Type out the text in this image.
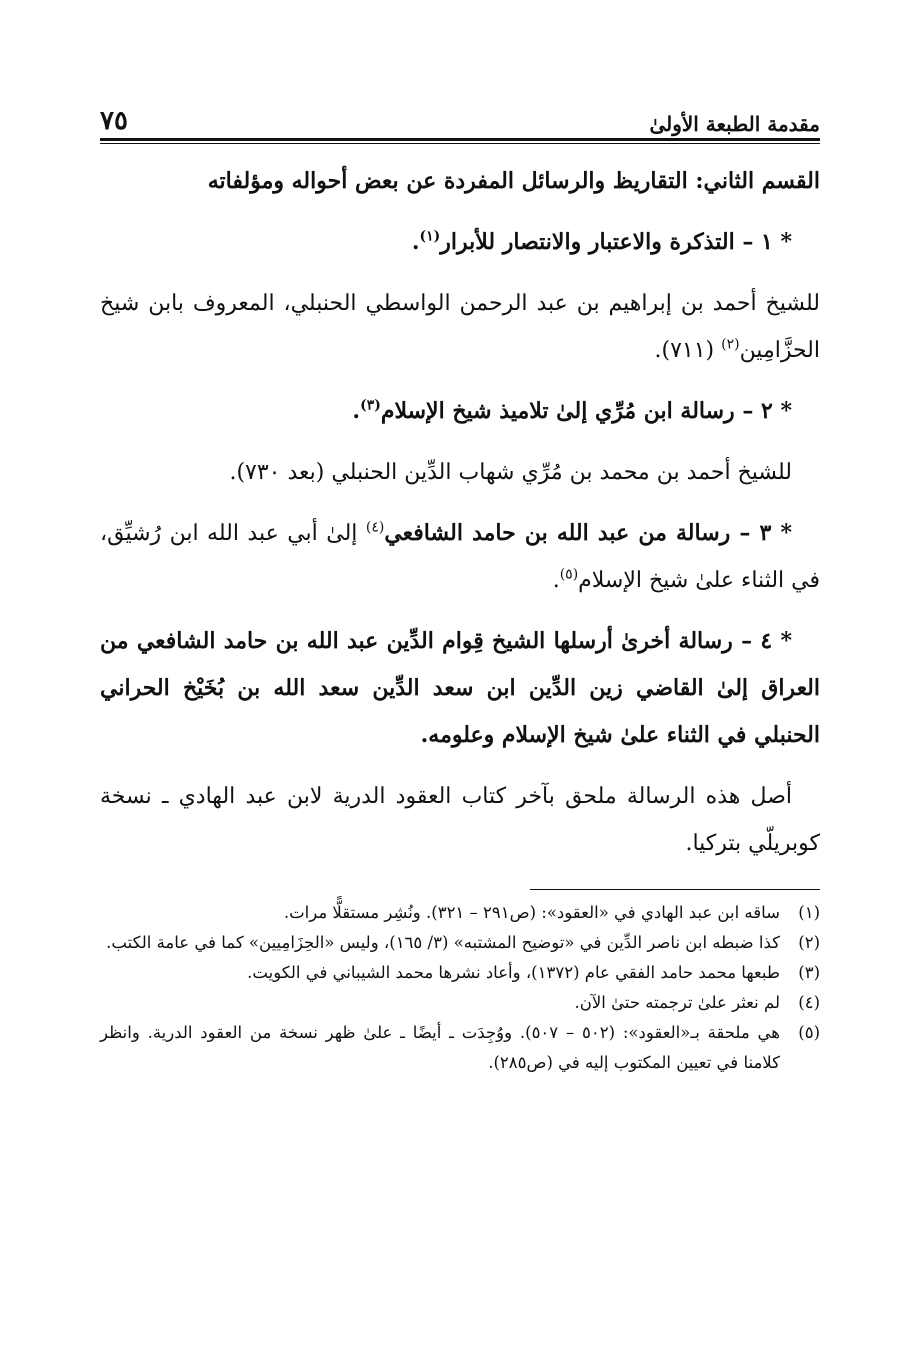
مقدمة الطبعة الأولىٰ
٧٥

القسم الثاني: التقاريظ والرسائل المفردة عن بعض أحواله ومؤلفاته

* ١ – التذكرة والاعتبار والانتصار للأبرار$^{(١)}$.

للشيخ أحمد بن إبراهيم بن عبد الرحمن الواسطي الحنبلي، المعروف بابن شيخ الحزَّامِين$^{(٢)}$ (٧١١).

* ٢ – رسالة ابن مُرِّي إلىٰ تلاميذ شيخ الإسلام$^{(٣)}$.

للشيخ أحمد بن محمد بن مُرِّي شهاب الدِّين الحنبلي (بعد ٧٣٠).

* ٣ – رسالة من عبد الله بن حامد الشافعي$^{(٤)}$ إلىٰ أبي عبد الله ابن رُشيِّق، في الثناء علىٰ شيخ الإسلام$^{(٥)}$.

* ٤ – رسالة أخرىٰ أرسلها الشيخ قِوام الدِّين عبد الله بن حامد الشافعي من العراق إلىٰ القاضي زين الدِّين ابن سعد الدِّين سعد الله بن بُخَيْخ الحراني الحنبلي في الثناء علىٰ شيخ الإسلام وعلومه.

أصل هذه الرسالة ملحق بآخر كتاب العقود الدرية لابن عبد الهادي ـ نسخة كوبريلّي بتركيا.

(١)
ساقه ابن عبد الهادي في «العقود»: (ص٢٩١ – ٣٢١). ونُشِر مستقلًّا مرات.
(٢)
كذا ضبطه ابن ناصر الدِّين في «توضيح المشتبه» (٣/ ١٦٥)، وليس «الحِزَامِيين» كما في عامة الكتب.
(٣)
طبعها محمد حامد الفقي عام (١٣٧٢)، وأعاد نشرها محمد الشيباني في الكويت.
(٤)
لم نعثر علىٰ ترجمته حتىٰ الآن.
(٥)
هي ملحقة بـ«العقود»: (٥٠٢ – ٥٠٧). ووُجِدَت ـ أيضًا ـ علىٰ ظهر نسخة من العقود الدرية. وانظر كلامنا في تعيين المكتوب إليه في (ص٢٨٥).
